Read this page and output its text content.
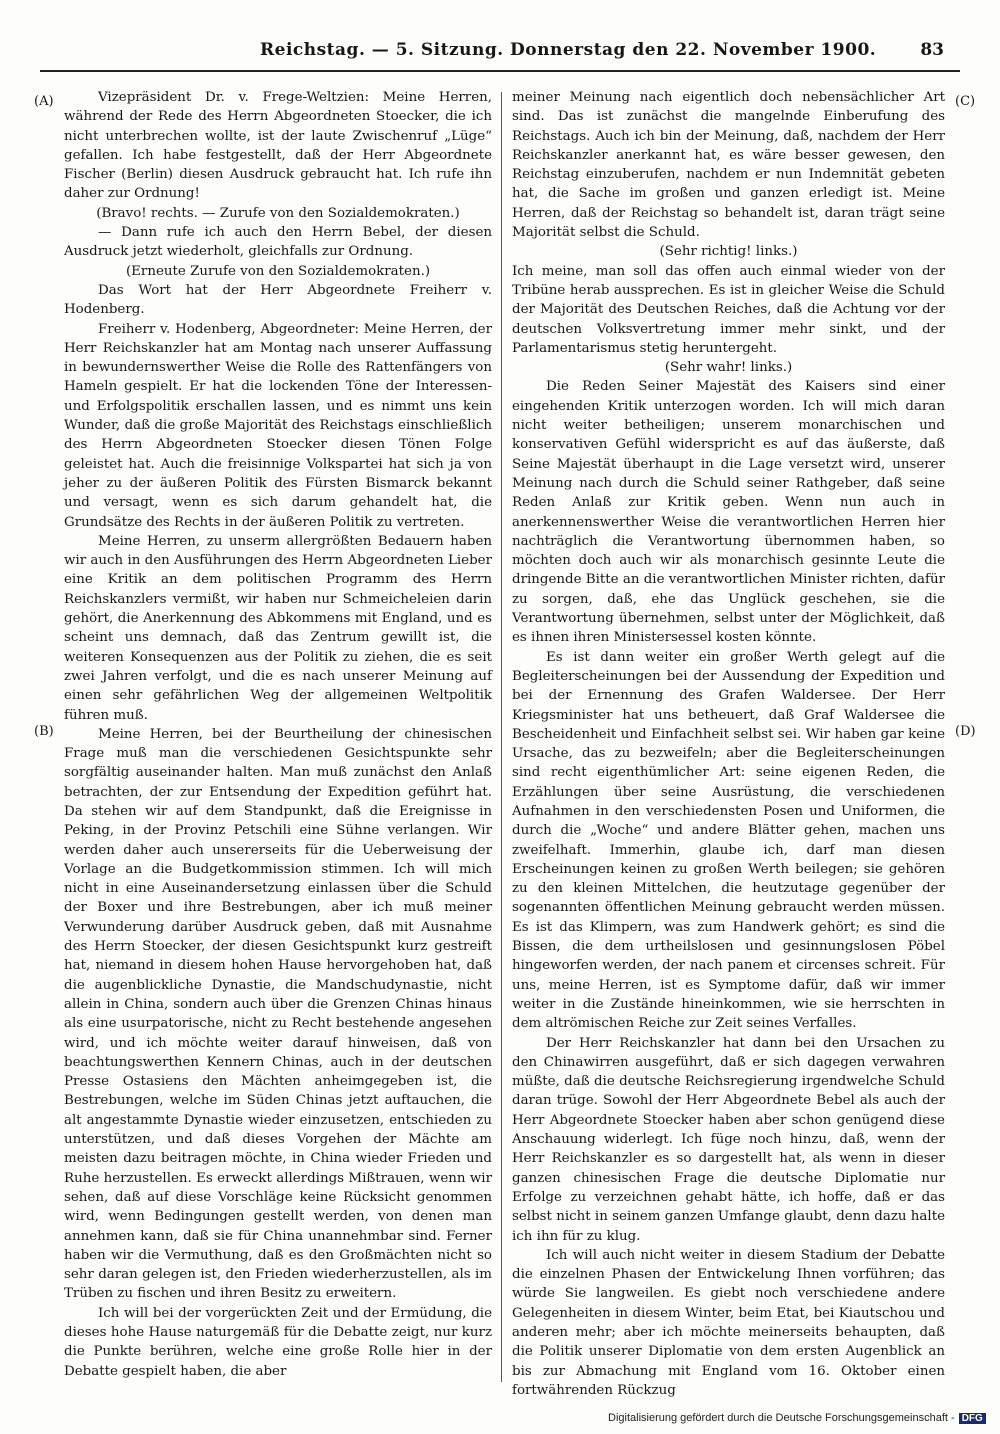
Reichstag. — 5. Sitzung. Donnerstag den 22. November 1900.	83
(A)
(B)
(C)
(D)

Vizepräsident Dr. v. Frege-Weltzien: Meine Herren, während der Rede des Herrn Abgeordneten Stoecker, die ich nicht unterbrechen wollte, ist der laute Zwischenruf „Lüge“ gefallen. Ich habe festgestellt, daß der Herr Abgeordnete Fischer (Berlin) diesen Ausdruck gebraucht hat. Ich rufe ihn daher zur Ordnung!

(Bravo! rechts. — Zurufe von den Sozialdemokraten.)

— Dann rufe ich auch den Herrn Bebel, der diesen Ausdruck jetzt wiederholt, gleichfalls zur Ordnung.

(Erneute Zurufe von den Sozialdemokraten.)

Das Wort hat der Herr Abgeordnete Freiherr v. Hodenberg.

Freiherr v. Hodenberg, Abgeordneter: Meine Herren, der Herr Reichskanzler hat am Montag nach unserer Auffassung in bewundernswerther Weise die Rolle des Rattenfängers von Hameln gespielt. Er hat die lockenden Töne der Interessen- und Erfolgspolitik erschallen lassen, und es nimmt uns kein Wunder, daß die große Majorität des Reichstags einschließlich des Herrn Abgeordneten Stoecker diesen Tönen Folge geleistet hat. Auch die freisinnige Volkspartei hat sich ja von jeher zu der äußeren Politik des Fürsten Bismarck bekannt und versagt, wenn es sich darum gehandelt hat, die Grundsätze des Rechts in der äußeren Politik zu vertreten.

Meine Herren, zu unserm allergrößten Bedauern haben wir auch in den Ausführungen des Herrn Abgeordneten Lieber eine Kritik an dem politischen Programm des Herrn Reichskanzlers vermißt, wir haben nur Schmeicheleien darin gehört, die Anerkennung des Abkommens mit England, und es scheint uns demnach, daß das Zentrum gewillt ist, die weiteren Konsequenzen aus der Politik zu ziehen, die es seit zwei Jahren verfolgt, und die es nach unserer Meinung auf einen sehr gefährlichen Weg der allgemeinen Weltpolitik führen muß.

Meine Herren, bei der Beurtheilung der chinesischen Frage muß man die verschiedenen Gesichtspunkte sehr sorgfältig auseinander halten. Man muß zunächst den Anlaß betrachten, der zur Entsendung der Expedition geführt hat. Da stehen wir auf dem Standpunkt, daß die Ereignisse in Peking, in der Provinz Petschili eine Sühne verlangen. Wir werden daher auch unsererseits für die Ueberweisung der Vorlage an die Budgetkommission stimmen. Ich will mich nicht in eine Auseinandersetzung einlassen über die Schuld der Boxer und ihre Bestrebungen, aber ich muß meiner Verwunderung darüber Ausdruck geben, daß mit Ausnahme des Herrn Stoecker, der diesen Gesichtspunkt kurz gestreift hat, niemand in diesem hohen Hause hervorgehoben hat, daß die augenblickliche Dynastie, die Mandschudynastie, nicht allein in China, sondern auch über die Grenzen Chinas hinaus als eine usurpatorische, nicht zu Recht bestehende angesehen wird, und ich möchte weiter darauf hinweisen, daß von beachtungswerthen Kennern Chinas, auch in der deutschen Presse Ostasiens den Mächten anheimgegeben ist, die Bestrebungen, welche im Süden Chinas jetzt auftauchen, die alt angestammte Dynastie wieder einzusetzen, entschieden zu unterstützen, und daß dieses Vorgehen der Mächte am meisten dazu beitragen möchte, in China wieder Frieden und Ruhe herzustellen. Es erweckt allerdings Mißtrauen, wenn wir sehen, daß auf diese Vorschläge keine Rücksicht genommen wird, wenn Bedingungen gestellt werden, von denen man annehmen kann, daß sie für China unannehmbar sind. Ferner haben wir die Vermuthung, daß es den Großmächten nicht so sehr daran gelegen ist, den Frieden wiederherzustellen, als im Trüben zu fischen und ihren Besitz zu erweitern.

Ich will bei der vorgerückten Zeit und der Ermüdung, die dieses hohe Hause naturgemäß für die Debatte zeigt, nur kurz die Punkte berühren, welche eine große Rolle hier in der Debatte gespielt haben, die aber

meiner Meinung nach eigentlich doch nebensächlicher Art sind. Das ist zunächst die mangelnde Einberufung des Reichstags. Auch ich bin der Meinung, daß, nachdem der Herr Reichskanzler anerkannt hat, es wäre besser gewesen, den Reichstag einzuberufen, nachdem er nun Indemnität gebeten hat, die Sache im großen und ganzen erledigt ist. Meine Herren, daß der Reichstag so behandelt ist, daran trägt seine Majorität selbst die Schuld.

(Sehr richtig! links.)

Ich meine, man soll das offen auch einmal wieder von der Tribüne herab aussprechen. Es ist in gleicher Weise die Schuld der Majorität des Deutschen Reiches, daß die Achtung vor der deutschen Volksvertretung immer mehr sinkt, und der Parlamentarismus stetig heruntergeht.

(Sehr wahr! links.)

Die Reden Seiner Majestät des Kaisers sind einer eingehenden Kritik unterzogen worden. Ich will mich daran nicht weiter betheiligen; unserem monarchischen und konservativen Gefühl widerspricht es auf das äußerste, daß Seine Majestät überhaupt in die Lage versetzt wird, unserer Meinung nach durch die Schuld seiner Rathgeber, daß seine Reden Anlaß zur Kritik geben. Wenn nun auch in anerkennenswerther Weise die verantwortlichen Herren hier nachträglich die Verantwortung übernommen haben, so möchten doch auch wir als monarchisch gesinnte Leute die dringende Bitte an die verantwortlichen Minister richten, dafür zu sorgen, daß, ehe das Unglück geschehen, sie die Verantwortung übernehmen, selbst unter der Möglichkeit, daß es ihnen ihren Ministersessel kosten könnte.

Es ist dann weiter ein großer Werth gelegt auf die Begleiterscheinungen bei der Aussendung der Expedition und bei der Ernennung des Grafen Waldersee. Der Herr Kriegsminister hat uns betheuert, daß Graf Waldersee die Bescheidenheit und Einfachheit selbst sei. Wir haben gar keine Ursache, das zu bezweifeln; aber die Begleiterscheinungen sind recht eigenthümlicher Art: seine eigenen Reden, die Erzählungen über seine Ausrüstung, die verschiedenen Aufnahmen in den verschiedensten Posen und Uniformen, die durch die „Woche“ und andere Blätter gehen, machen uns zweifelhaft. Immerhin, glaube ich, darf man diesen Erscheinungen keinen zu großen Werth beilegen; sie gehören zu den kleinen Mittelchen, die heutzutage gegenüber der sogenannten öffentlichen Meinung gebraucht werden müssen. Es ist das Klimpern, was zum Handwerk gehört; es sind die Bissen, die dem urtheilslosen und gesinnungslosen Pöbel hingeworfen werden, der nach panem et circenses schreit. Für uns, meine Herren, ist es Symptome dafür, daß wir immer weiter in die Zustände hineinkommen, wie sie herrschten in dem altrömischen Reiche zur Zeit seines Verfalles.

Der Herr Reichskanzler hat dann bei den Ursachen zu den Chinawirren ausgeführt, daß er sich dagegen verwahren müßte, daß die deutsche Reichsregierung irgendwelche Schuld daran trüge. Sowohl der Herr Abgeordnete Bebel als auch der Herr Abgeordnete Stoecker haben aber schon genügend diese Anschauung widerlegt. Ich füge noch hinzu, daß, wenn der Herr Reichskanzler es so dargestellt hat, als wenn in dieser ganzen chinesischen Frage die deutsche Diplomatie nur Erfolge zu verzeichnen gehabt hätte, ich hoffe, daß er das selbst nicht in seinem ganzen Umfange glaubt, denn dazu halte ich ihn für zu klug.

Ich will auch nicht weiter in diesem Stadium der Debatte die einzelnen Phasen der Entwickelung Ihnen vorführen; das würde Sie langweilen. Es giebt noch verschiedene andere Gelegenheiten in diesem Winter, beim Etat, bei Kiautschou und anderen mehr; aber ich möchte meinerseits behaupten, daß die Politik unserer Diplomatie von dem ersten Augenblick an bis zur Abmachung mit England vom 16. Oktober einen fortwährenden Rückzug

Digitalisierung gefördert durch die Deutsche Forschungsgemeinschaft - DFG
